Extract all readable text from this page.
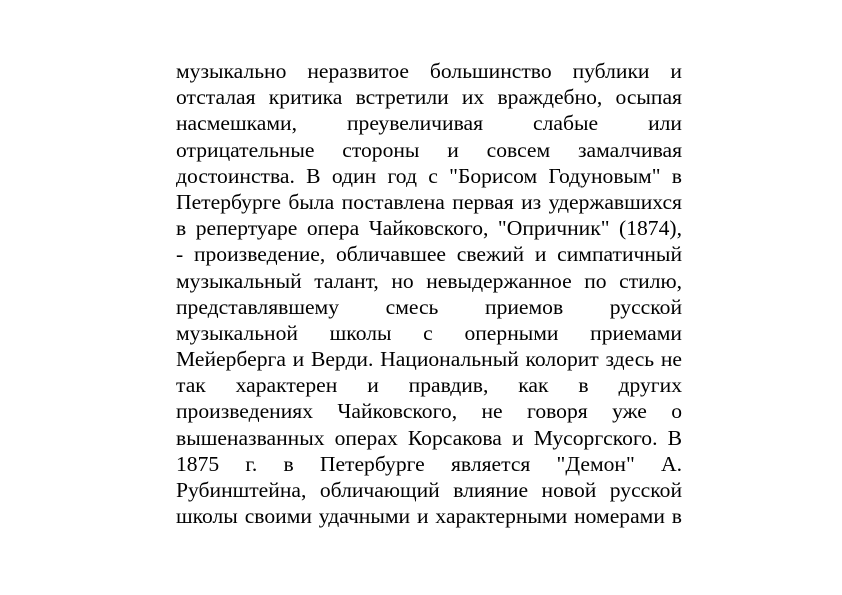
музыкально неразвитое большинство публики и
отсталая критика встретили их враждебно, осыпая
насмешками, преувеличивая слабые или
отрицательные стороны и совсем замалчивая
достоинства. В один год с "Борисом Годуновым" в
Петербурге была поставлена первая из удержавшихся
в репертуаре опера Чайковского, "Опричник" (1874),
- произведение, обличавшее свежий и симпатичный
музыкальный талант, но невыдержанное по стилю,
представлявшему смесь приемов русской
музыкальной школы с оперными приемами
Мейерберга и Верди. Национальный колорит здесь не
так характерен и правдив, как в других
произведениях Чайковского, не говоря уже о
вышеназванных операх Корсакова и Мусоргского. В
1875 г. в Петербурге является "Демон" А.
Рубинштейна, обличающий влияние новой русской
школы своими удачными и характерными номерами в
